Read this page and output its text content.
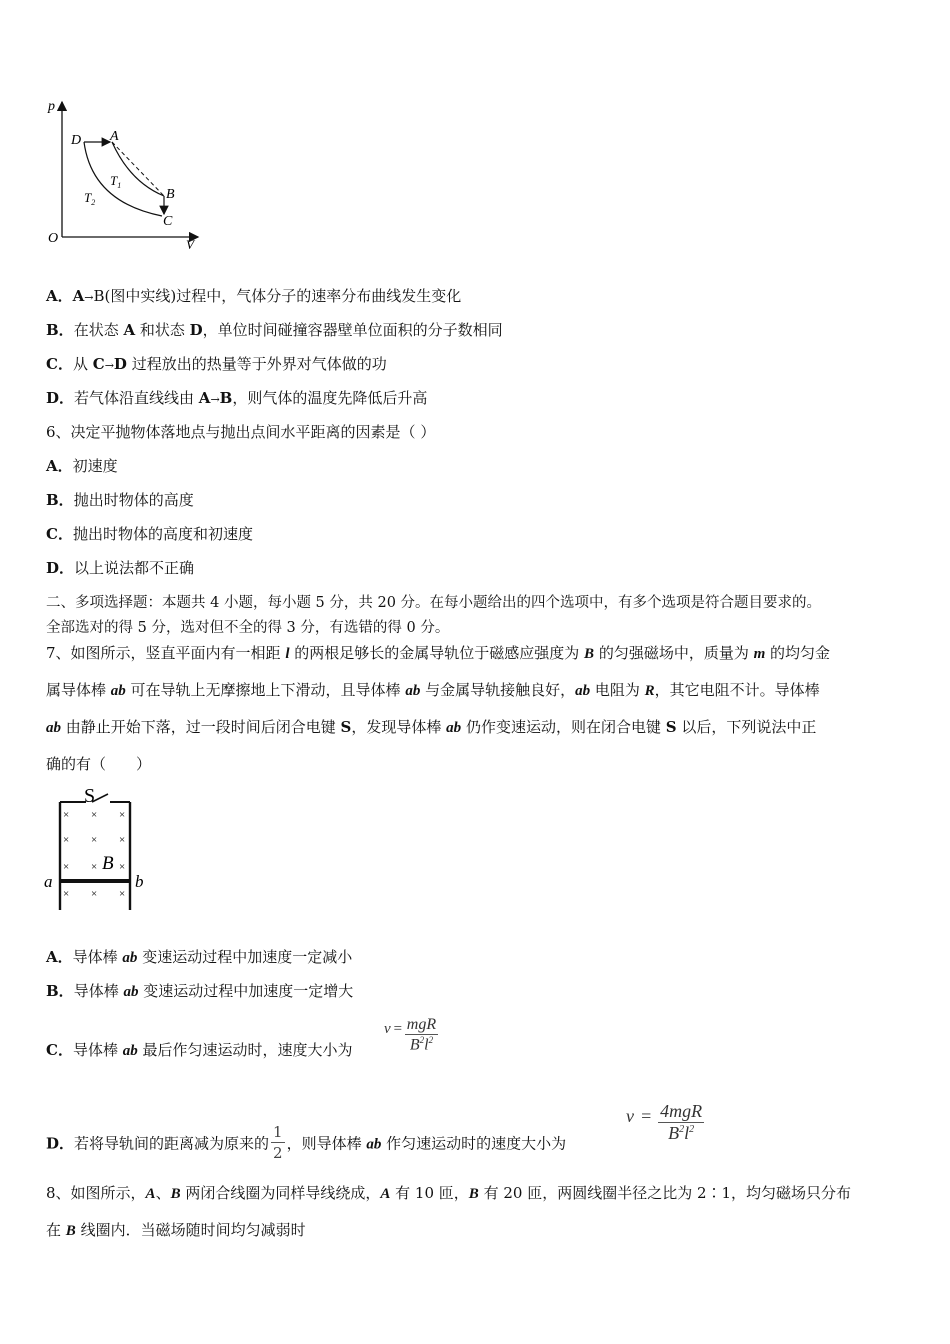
p
V
O
D A
B
C
$T_1$
$T_2$
A．A→B(图中实线)过程中，气体分子的速率分布曲线发生变化
B．在状态 A 和状态 D，单位时间碰撞容器壁单位面积的分子数相同
C．从 C→D 过程放出的热量等于外界对气体做的功
D．若气体沿直线线由 A→B，则气体的温度先降低后升高
6、决定平抛物体落地点与抛出点间水平距离的因素是（ ）
A．初速度
B．抛出时物体的高度
C．抛出时物体的高度和初速度
D．以上说法都不正确
二、多项选择题：本题共 4 小题，每小题 5 分，共 20 分。在每小题给出的四个选项中，有多个选项是符合题目要求的。
全部选对的得 5 分，选对但不全的得 3 分，有选错的得 0 分。
7、如图所示，竖直平面内有一相距 l 的两根足够长的金属导轨位于磁感应强度为 B 的匀强磁场中，质量为 m 的均匀金
属导体棒 ab 可在导轨上无摩擦地上下滑动，且导体棒 ab 与金属导轨接触良好，ab 电阻为 R，其它电阻不计。导体棒
ab 由静止开始下落，过一段时间后闭合电键 S，发现导体棒 ab 仍作变速运动，则在闭合电键 S 以后，下列说法中正
确的有（　　）
S
× × ×
× × ×
× × ×
× × ×
B
a	b
A．导体棒 ab 变速运动过程中加速度一定减小
B．导体棒 ab 变速运动过程中加速度一定增大
C．导体棒 ab 最后作匀速运动时，速度大小为
$v = \frac{\text{mgR}}{B^2l^2}$
D．若将导轨间的距离减为原来的 $\frac{1}{2}$ ，则导体棒 ab 作匀速运动时的速度大小为
$v = \frac{\text{4mgR}}{B^2l^2}$
8、如图所示，A、B 两闭合线圈为同样导线绕成，A 有 10 匝，B 有 20 匝，两圆线圈半径之比为 2∶1，均匀磁场只分布
在 B 线圈内．当磁场随时间均匀减弱时
